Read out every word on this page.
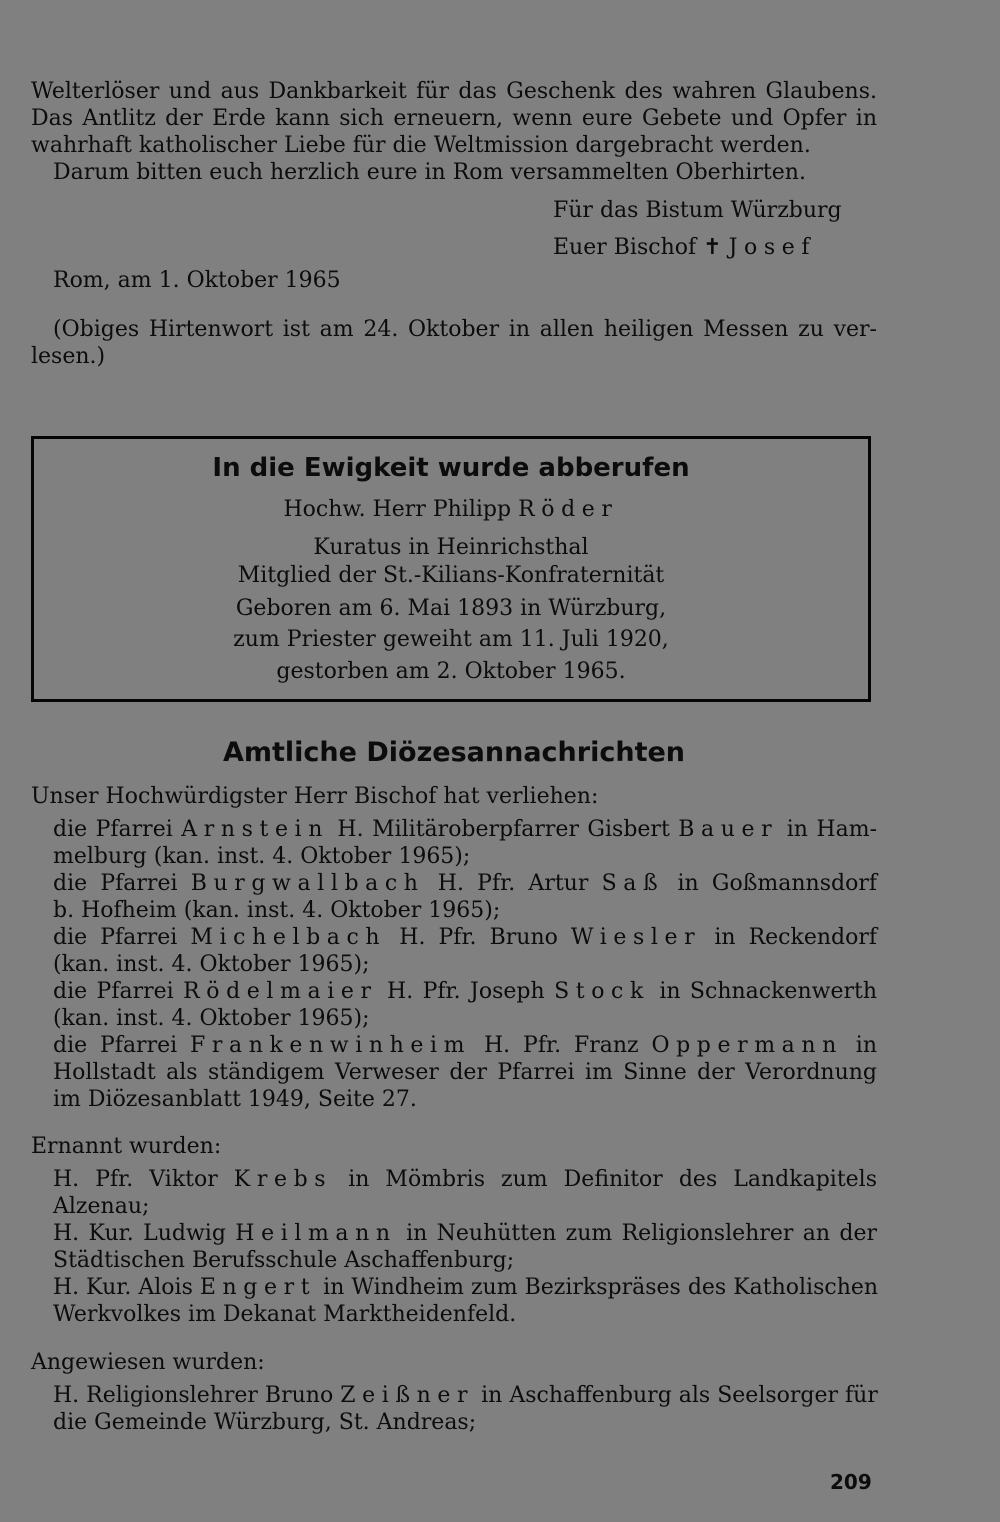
Welterlöser und aus Dankbarkeit für das Geschenk des wahren Glaubens.
Das Antlitz der Erde kann sich erneuern, wenn eure Gebete und Opfer in
wahrhaft katholischer Liebe für die Weltmission dargebracht werden.
Darum bitten euch herzlich eure in Rom versammelten Oberhirten.
Für das Bistum Würzburg
Euer Bischof ✝ Josef
Rom, am 1. Oktober 1965
(Obiges Hirtenwort ist am 24. Oktober in allen heiligen Messen zu ver-
lesen.)
In die Ewigkeit wurde abberufen
Hochw. Herr Philipp Röder
Kuratus in Heinrichsthal
Mitglied der St.-Kilians-Konfraternität
Geboren am 6. Mai 1893 in Würzburg,
zum Priester geweiht am 11. Juli 1920,
gestorben am 2. Oktober 1965.
Amtliche Diözesannachrichten
Unser Hochwürdigster Herr Bischof hat verliehen:
die Pfarrei Arnstein H. Militäroberpfarrer Gisbert Bauer in Ham-
melburg (kan. inst. 4. Oktober 1965);
die Pfarrei Burgwallbach H. Pfr. Artur Saß in Goßmannsdorf
b. Hofheim (kan. inst. 4. Oktober 1965);
die Pfarrei Michelbach H. Pfr. Bruno Wiesler in Reckendorf
(kan. inst. 4. Oktober 1965);
die Pfarrei Rödelmaier H. Pfr. Joseph Stock in Schnackenwerth
(kan. inst. 4. Oktober 1965);
die Pfarrei Frankenwinheim H. Pfr. Franz Oppermann in
Hollstadt als ständigem Verweser der Pfarrei im Sinne der Verordnung
im Diözesanblatt 1949, Seite 27.
Ernannt wurden:
H. Pfr. Viktor Krebs in Mömbris zum Definitor des Landkapitels
Alzenau;
H. Kur. Ludwig Heilmann in Neuhütten zum Religionslehrer an der
Städtischen Berufsschule Aschaffenburg;
H. Kur. Alois Engert in Windheim zum Bezirkspräses des Katholischen
Werkvolkes im Dekanat Marktheidenfeld.
Angewiesen wurden:
H. Religionslehrer Bruno Zeißner in Aschaffenburg als Seelsorger für
die Gemeinde Würzburg, St. Andreas;
209
